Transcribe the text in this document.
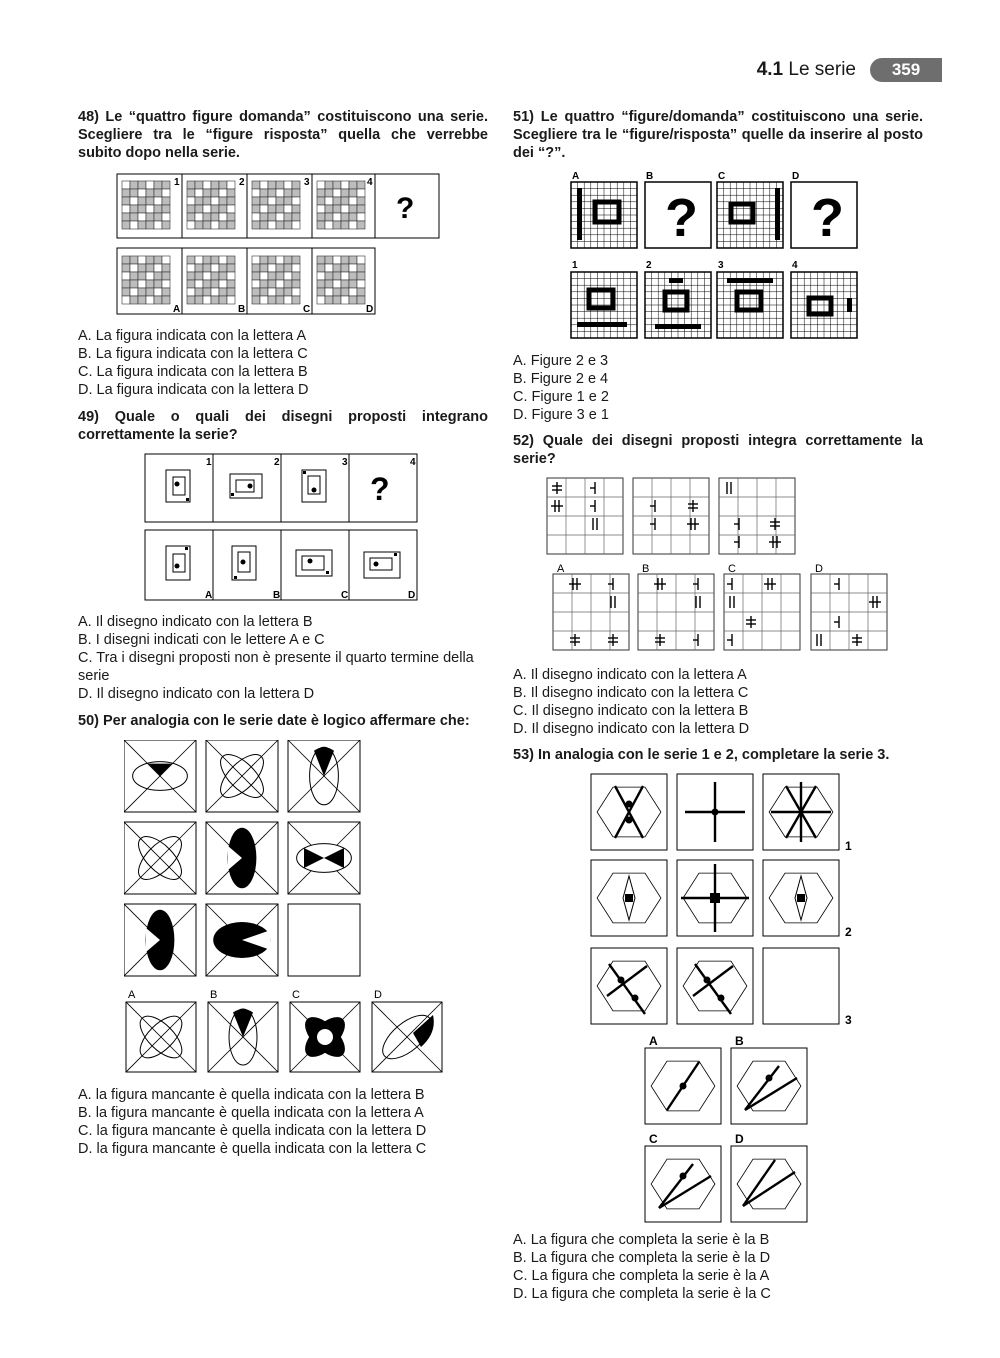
4.1 Le serie	359
48) Le “quattro figure domanda” costituiscono una serie. Scegliere tra le “figure risposta” quella che verrebbe subito dopo nella serie.
1	2	3	4
?
A	B	C	D
A. La figura indicata con la lettera A
B. La figura indicata con la lettera C
C. La figura indicata con la lettera B
D. La figura indicata con la lettera D
49) Quale o quali dei disegni proposti integrano correttamente la serie?
1	2	3	4
?
A	B	C	D
A. Il disegno indicato con la lettera B
B. I disegni indicati con le lettere A e C
C. Tra i disegni proposti non è presente il quarto termine della serie
D. Il disegno indicato con la lettera D
50) Per analogia con le serie date è logico affermare che:
A	B	C	D
A. la figura mancante è quella indicata con la lettera B
B. la figura mancante è quella indicata con la lettera A
C. la figura mancante è quella indicata con la lettera D
D. la figura mancante è quella indicata con la lettera C
51) Le quattro “figure/domanda” costituiscono una serie. Scegliere tra le “figure/risposta” quelle da inserire al posto dei “?”.
A	B	C	D
? ?
1	2	3	4
A. Figure 2 e 3
B. Figure 2 e 4
C. Figure 1 e 2
D. Figure 3 e 1
52) Quale dei disegni proposti integra correttamente la serie?
A	B	C	D
A. Il disegno indicato con la lettera A
B. Il disegno indicato con la lettera C
C. Il disegno indicato con la lettera B
D. Il disegno indicato con la lettera D
53) In analogia con le serie 1 e 2, completare la serie 3.
1
2
3
A	B
C	D
A. La figura che completa la serie è la B
B. La figura che completa la serie è la D
C. La figura che completa la serie è la A
D. La figura che completa la serie è la C
